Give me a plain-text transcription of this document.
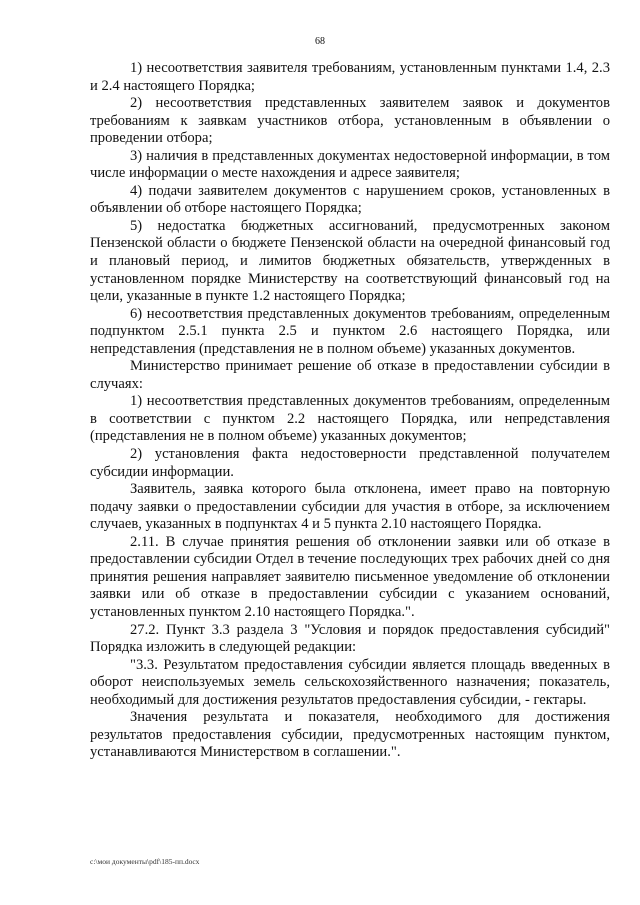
68

1) несоответствия заявителя требованиям, установленным пунктами 1.4, 2.3 и 2.4 настоящего Порядка;

2) несоответствия представленных заявителем заявок и документов требованиям к заявкам участников отбора, установленным в объявлении о проведении отбора;

3) наличия в представленных документах недостоверной информации, в том числе информации о месте нахождения и адресе заявителя;

4) подачи заявителем документов с нарушением сроков, установленных в объявлении об отборе настоящего Порядка;

5) недостатка бюджетных ассигнований, предусмотренных законом Пензенской области о бюджете Пензенской области на очередной финансовый год и плановый период, и лимитов бюджетных обязательств, утвержденных в установленном порядке Министерству на соответствующий финансовый год на цели, указанные в пункте 1.2 настоящего Порядка;

6) несоответствия представленных документов требованиям, определенным подпунктом 2.5.1 пункта 2.5 и пунктом 2.6 настоящего Порядка, или непредставления (представления не в полном объеме) указанных документов.

Министерство принимает решение об отказе в предоставлении субсидии в случаях:

1) несоответствия представленных документов требованиям, определенным в соответствии с пунктом 2.2 настоящего Порядка, или непредставления (представления не в полном объеме) указанных документов;

2) установления факта недостоверности представленной получателем субсидии информации.

Заявитель, заявка которого была отклонена, имеет право на повторную подачу заявки о предоставлении субсидии для участия в отборе, за исключением случаев, указанных в подпунктах 4 и 5 пункта 2.10 настоящего Порядка.

2.11. В случае принятия решения об отклонении заявки или об отказе в предоставлении субсидии Отдел в течение последующих трех рабочих дней со дня принятия решения направляет заявителю письменное уведомление об отклонении заявки или об отказе в предоставлении субсидии с указанием оснований, установленных пунктом 2.10 настоящего Порядка.".

27.2. Пункт 3.3 раздела 3 "Условия и порядок предоставления субсидий" Порядка изложить в следующей редакции:

"3.3. Результатом предоставления субсидии является площадь введенных в оборот неиспользуемых земель сельскохозяйственного назначения; показатель, необходимый для достижения результатов предоставления субсидии, - гектары.

Значения результата и показателя, необходимого для достижения результатов предоставления субсидии, предусмотренных настоящим пунктом, устанавливаются Министерством в соглашении.".

c:\мои документы\pdf\185-пп.docx
